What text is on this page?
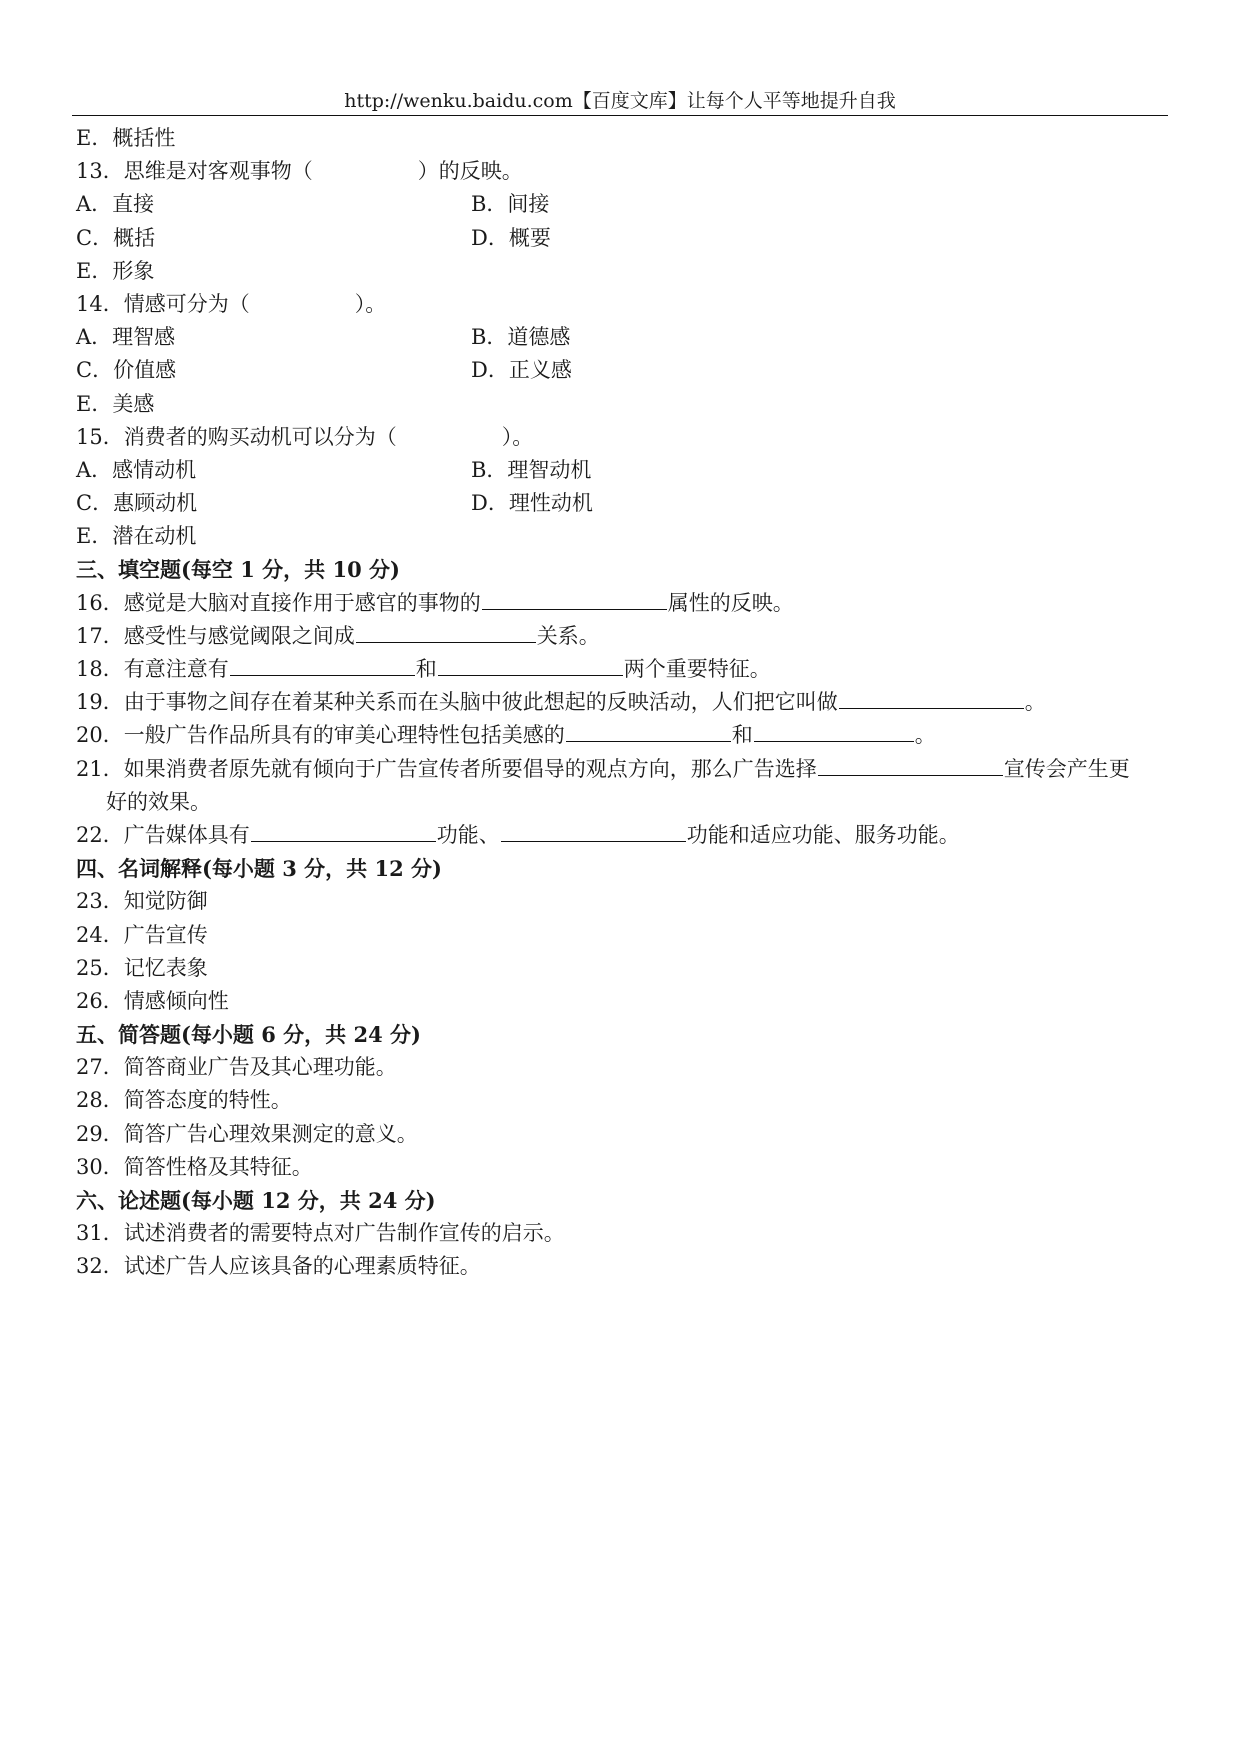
http://wenku.baidu.com【百度文库】让每个人平等地提升自我
E．概括性
13．思维是对客观事物（　　　　　）的反映。
A．直接	B．间接
C．概括	D．概要
E．形象
14．情感可分为（　　　　　）。
A．理智感	B．道德感
C．价值感	D．正义感
E．美感
15．消费者的购买动机可以分为（　　　　　）。
A．感情动机	B．理智动机
C．惠顾动机	D．理性动机
E．潜在动机
三、填空题(每空 1 分，共 10 分)
16．感觉是大脑对直接作用于感官的事物的	属性的反映。
17．感受性与感觉阈限之间成	关系。
18．有意注意有	和	两个重要特征。
19．由于事物之间存在着某种关系而在头脑中彼此想起的反映活动，人们把它叫做	。
20．一般广告作品所具有的审美心理特性包括美感的	和	。
21．如果消费者原先就有倾向于广告宣传者所要倡导的观点方向，那么广告选择	宣传会产生更
好的效果。
22．广告媒体具有	功能、	功能和适应功能、服务功能。
四、名词解释(每小题 3 分，共 12 分)
23．知觉防御
24．广告宣传
25．记忆表象
26．情感倾向性
五、简答题(每小题 6 分，共 24 分)
27．简答商业广告及其心理功能。
28．简答态度的特性。
29．简答广告心理效果测定的意义。
30．简答性格及其特征。
六、论述题(每小题 12 分，共 24 分)
31．试述消费者的需要特点对广告制作宣传的启示。
32．试述广告人应该具备的心理素质特征。
